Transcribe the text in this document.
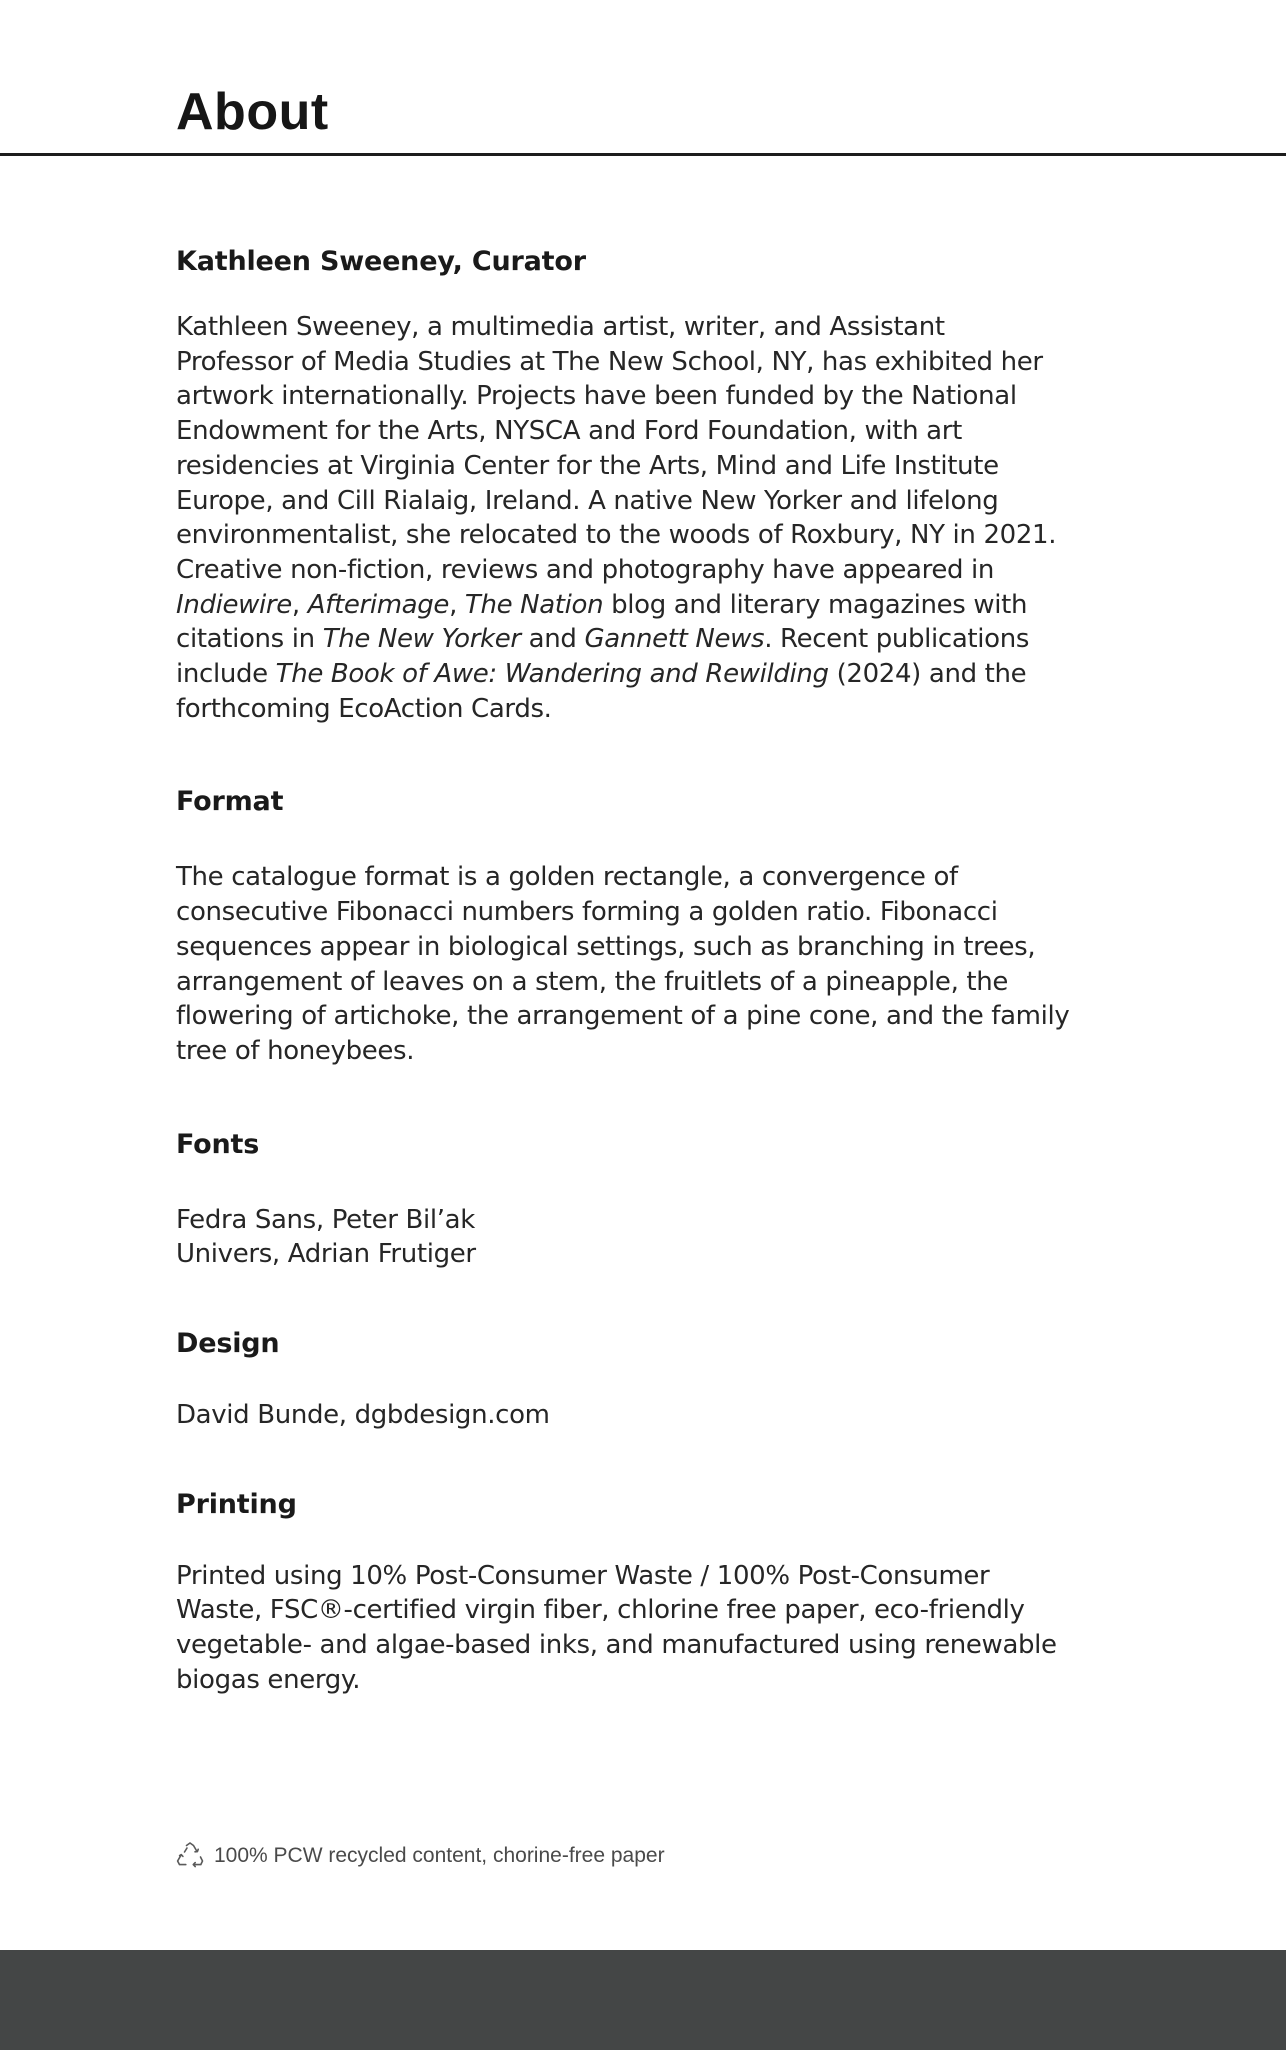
About
Kathleen Sweeney, Curator

Kathleen Sweeney, a multimedia artist, writer, and Assistant

Professor of Media Studies at The New School, NY, has exhibited her

artwork internationally. Projects have been funded by the National

Endowment for the Arts, NYSCA and Ford Foundation, with art

residencies at Virginia Center for the Arts, Mind and Life Institute

Europe, and Cill Rialaig, Ireland. A native New Yorker and lifelong

environmentalist, she relocated to the woods of Roxbury, NY in 2021.

Creative non-fiction, reviews and photography have appeared in

Indiewire, Afterimage, The Nation blog and literary magazines with

citations in The New Yorker and Gannett News. Recent publications

include The Book of Awe: Wandering and Rewilding (2024) and the

forthcoming EcoAction Cards.

Format

The catalogue format is a golden rectangle, a convergence of

consecutive Fibonacci numbers forming a golden ratio. Fibonacci

sequences appear in biological settings, such as branching in trees,

arrangement of leaves on a stem, the fruitlets of a pineapple, the

flowering of artichoke, the arrangement of a pine cone, and the family

tree of honeybees.

Fonts

Fedra Sans, Peter Bil’ak

Univers, Adrian Frutiger

Design

David Bunde, dgbdesign.com

Printing

Printed using 10% Post-Consumer Waste / 100% Post-Consumer

Waste, FSC®-certified virgin fiber, chlorine free paper, eco-friendly

vegetable- and algae-based inks, and manufactured using renewable

biogas energy.

100% PCW recycled content, chorine-free paper
